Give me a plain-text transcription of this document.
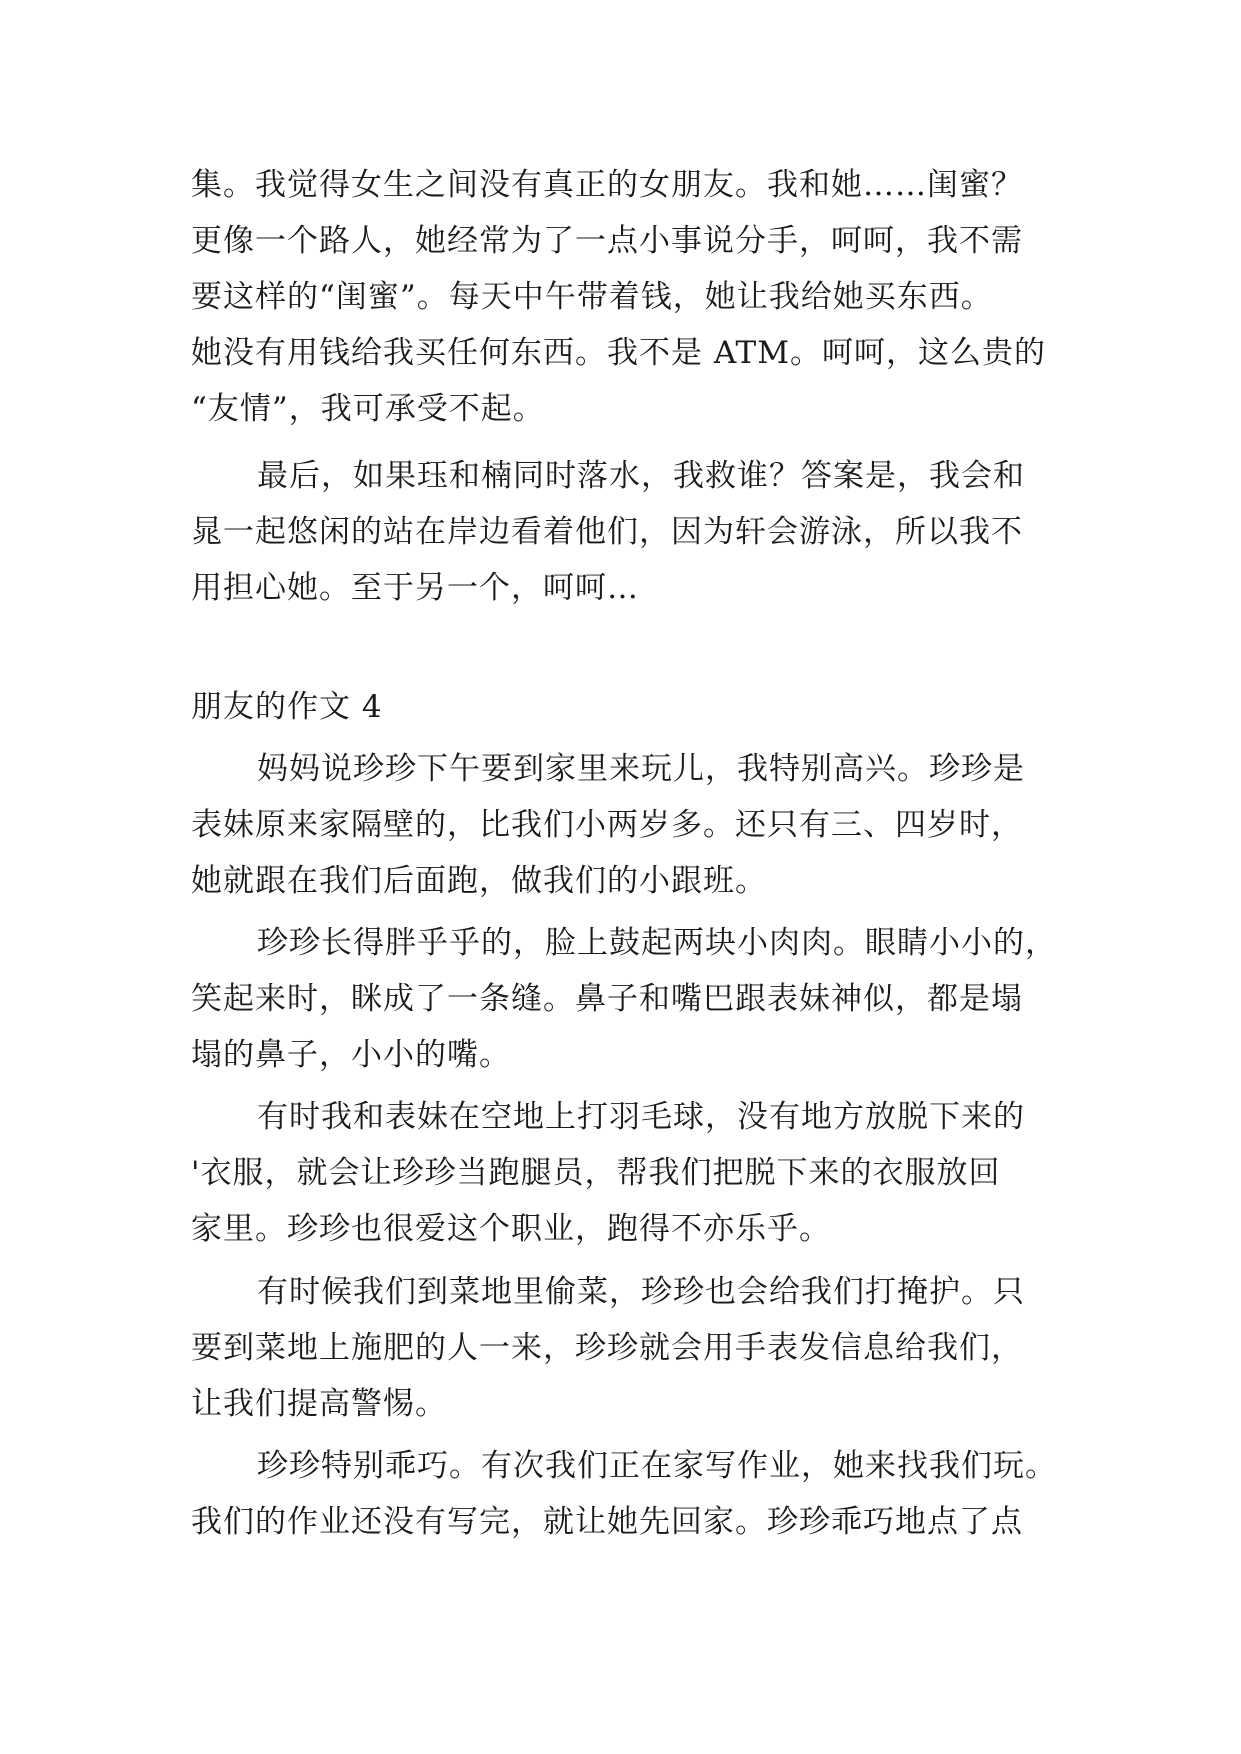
集。我觉得女生之间没有真正的女朋友。我和她……闺蜜？
更像一个路人，她经常为了一点小事说分手，呵呵，我不需
要这样的“闺蜜”。每天中午带着钱，她让我给她买东西。
她没有用钱给我买任何东西。我不是 ATM。呵呵，这么贵的
“友情”，我可承受不起。
最后，如果珏和楠同时落水，我救谁？答案是，我会和
晁一起悠闲的站在岸边看着他们，因为轩会游泳，所以我不
用担心她。至于另一个，呵呵…
朋友的作文 4
妈妈说珍珍下午要到家里来玩儿，我特别高兴。珍珍是
表妹原来家隔壁的，比我们小两岁多。还只有三、四岁时，
她就跟在我们后面跑，做我们的小跟班。
珍珍长得胖乎乎的，脸上鼓起两块小肉肉。眼睛小小的，
笑起来时，眯成了一条缝。鼻子和嘴巴跟表妹神似，都是塌
塌的鼻子，小小的嘴。
有时我和表妹在空地上打羽毛球，没有地方放脱下来的
'衣服，就会让珍珍当跑腿员，帮我们把脱下来的衣服放回
家里。珍珍也很爱这个职业，跑得不亦乐乎。
有时候我们到菜地里偷菜，珍珍也会给我们打掩护。只
要到菜地上施肥的人一来，珍珍就会用手表发信息给我们，
让我们提高警惕。
珍珍特别乖巧。有次我们正在家写作业，她来找我们玩。
我们的作业还没有写完，就让她先回家。珍珍乖巧地点了点
